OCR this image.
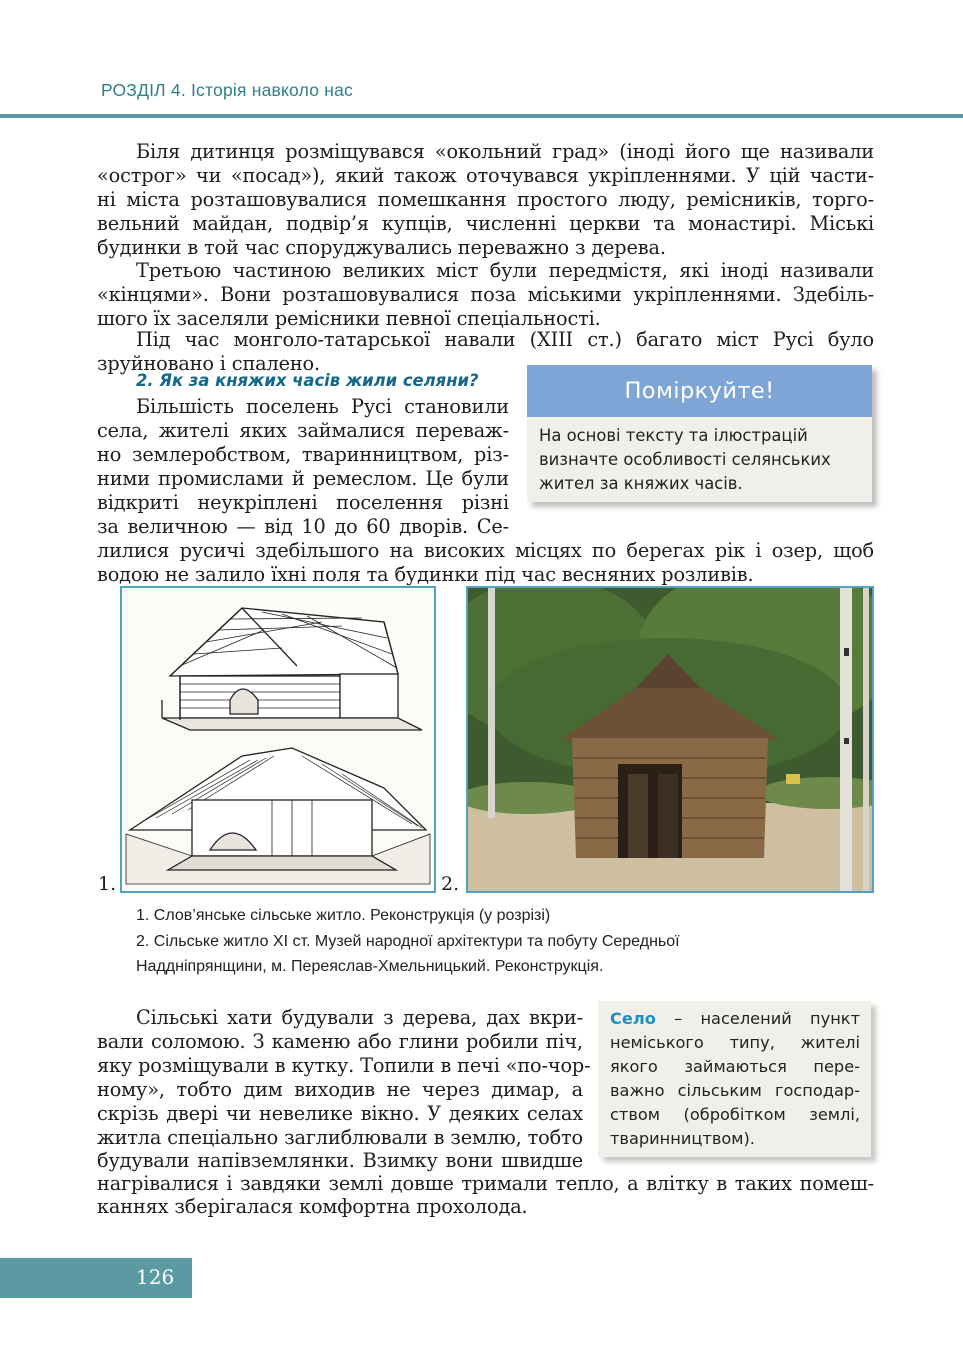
РОЗДІЛ 4. Історія навколо нас
Біля дитинця розміщувався «окольний град» (іноді його ще називали
«острог» чи «посад»), який також оточувався укріпленнями. У цій части-
ні міста розташовувалися помешкання простого люду, ремісників, торго-
вельний майдан, подвір’я купців, численні церкви та монастирі. Міські
будинки в той час споруджувались переважно з дерева.
Третьою частиною великих міст були передмістя, які іноді називали
«кінцями». Вони розташовувалися поза міськими укріпленнями. Здебіль-
шого їх заселяли ремісники певної спеціальності.
Під час монголо-татарської навали (XIII ст.) багато міст Русі було
зруйновано і спалено.
2. Як за княжих часів жили селяни?
Більшість поселень Русі становили
села, жителі яких займалися переваж-
но землеробством, тваринництвом, різ-
ними промислами й ремеслом. Це були
відкриті неукріплені поселення різні
за величною — від 10 до 60 дворів. Се-
лилися русичі здебільшого на високих місцях по берегах рік і озер, щоб
водою не залило їхні поля та будинки під час весняних розливів.
Поміркуйте!
На основі тексту та ілюстрацій
визначте особливості селянських
жител за княжих часів.
1.	2.
1. Слов’янське сільське житло. Реконструкція (у розрізі)
2. Сільське житло XI ст. Музей народної архітектури та побуту Середньої
Наддніпрянщини, м. Переяслав-Хмельницький. Реконструкція.
Сільські хати будували з дерева, дах вкри-
вали соломою. З каменю або глини робили піч,
яку розміщували в кутку. Топили в печі «по-чор-
ному», тобто дим виходив не через димар, а
скрізь двері чи невелике вікно. У деяких селах
житла спеціально заглиблювали в землю, тобто
будували напівземлянки. Взимку вони швидше
нагрівалися і завдяки землі довше тримали тепло, а влітку в таких помеш-
каннях зберігалася комфортна прохолода.
Село – населений пункт
неміського типу, жителі
якого займаються пере-
важно сільським господар-
ством (обробітком землі,
тваринництвом).
126
